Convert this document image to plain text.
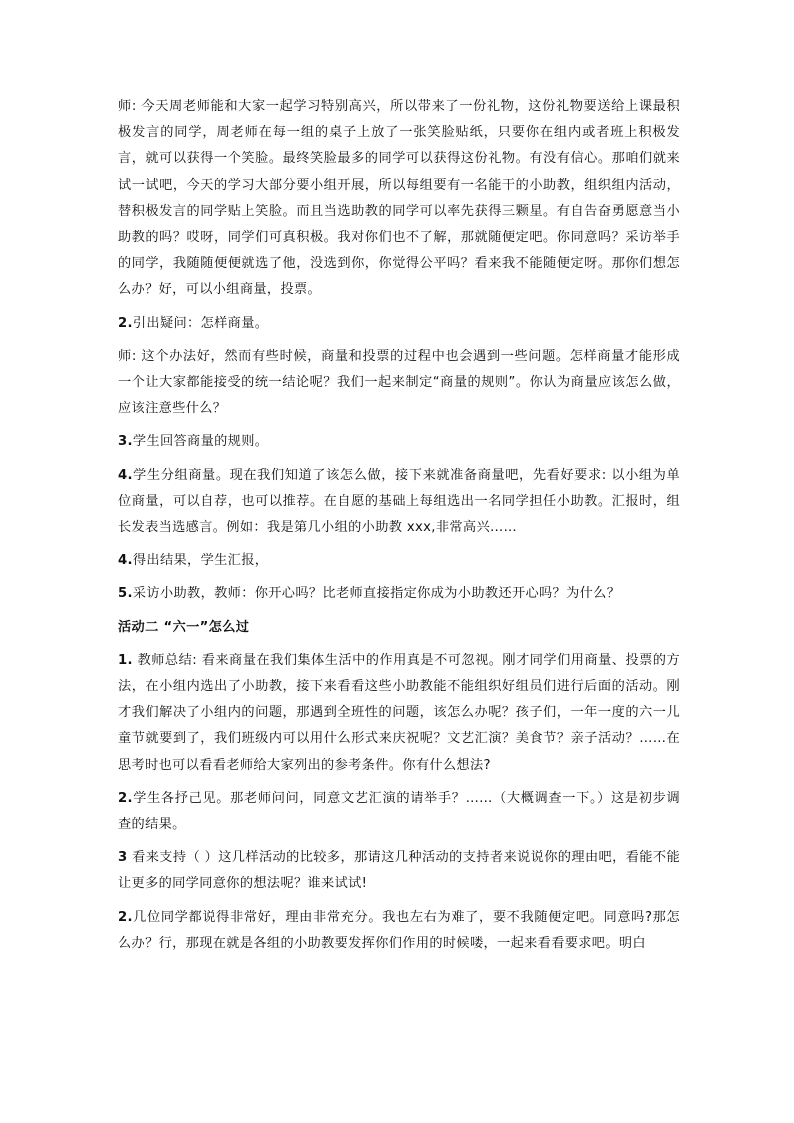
师: 今天周老师能和大家一起学习特别高兴，所以带来了一份礼物，这份礼物要送给上课最积极发言的同学，周老师在每一组的桌子上放了一张笑脸贴纸，只要你在组内或者班上积极发言，就可以获得一个笑脸。最终笑脸最多的同学可以获得这份礼物。有没有信心。那咱们就来试一试吧，今天的学习大部分要小组开展，所以每组要有一名能干的小助教，组织组内活动，替积极发言的同学贴上笑脸。而且当选助教的同学可以率先获得三颗星。有自告奋勇愿意当小助教的吗？哎呀，同学们可真积极。我对你们也不了解，那就随便定吧。你同意吗？采访举手的同学，我随随便便就选了他，没选到你，你觉得公平吗？看来我不能随便定呀。那你们想怎么办？好，可以小组商量，投票。

2.引出疑问：怎样商量。

师: 这个办法好，然而有些时候，商量和投票的过程中也会遇到一些问题。怎样商量才能形成一个让大家都能接受的统一结论呢？我们一起来制定“商量的规则”。你认为商量应该怎么做，应该注意些什么？

3.学生回答商量的规则。

4.学生分组商量。现在我们知道了该怎么做，接下来就准备商量吧，先看好要求: 以小组为单位商量，可以自荐，也可以推荐。在自愿的基础上每组选出一名同学担任小助教。汇报时，组长发表当选感言。例如：我是第几小组的小助教 xxx,非常高兴……

4.得出结果，学生汇报，

5.采访小助教，教师：你开心吗？比老师直接指定你成为小助教还开心吗？为什么？

活动二 “六一”怎么过

1. 教师总结: 看来商量在我们集体生活中的作用真是不可忽视。刚才同学们用商量、投票的方法，在小组内选出了小助教，接下来看看这些小助教能不能组织好组员们进行后面的活动。刚才我们解决了小组内的问题，那遇到全班性的问题，该怎么办呢？孩子们，一年一度的六一儿童节就要到了，我们班级内可以用什么形式来庆祝呢？文艺汇演？美食节？亲子活动？……在思考时也可以看看老师给大家列出的参考条件。你有什么想法?

2.学生各抒己见。那老师问问，同意文艺汇演的请举手？……（大概调查一下。）这是初步调查的结果。

3 看来支持（ ）这几样活动的比较多，那请这几种活动的支持者来说说你的理由吧，看能不能让更多的同学同意你的想法呢？谁来试试!

2.几位同学都说得非常好，理由非常充分。我也左右为难了，要不我随便定吧。同意吗?那怎么办？行，那现在就是各组的小助教要发挥你们作用的时候喽，一起来看看要求吧。明白
